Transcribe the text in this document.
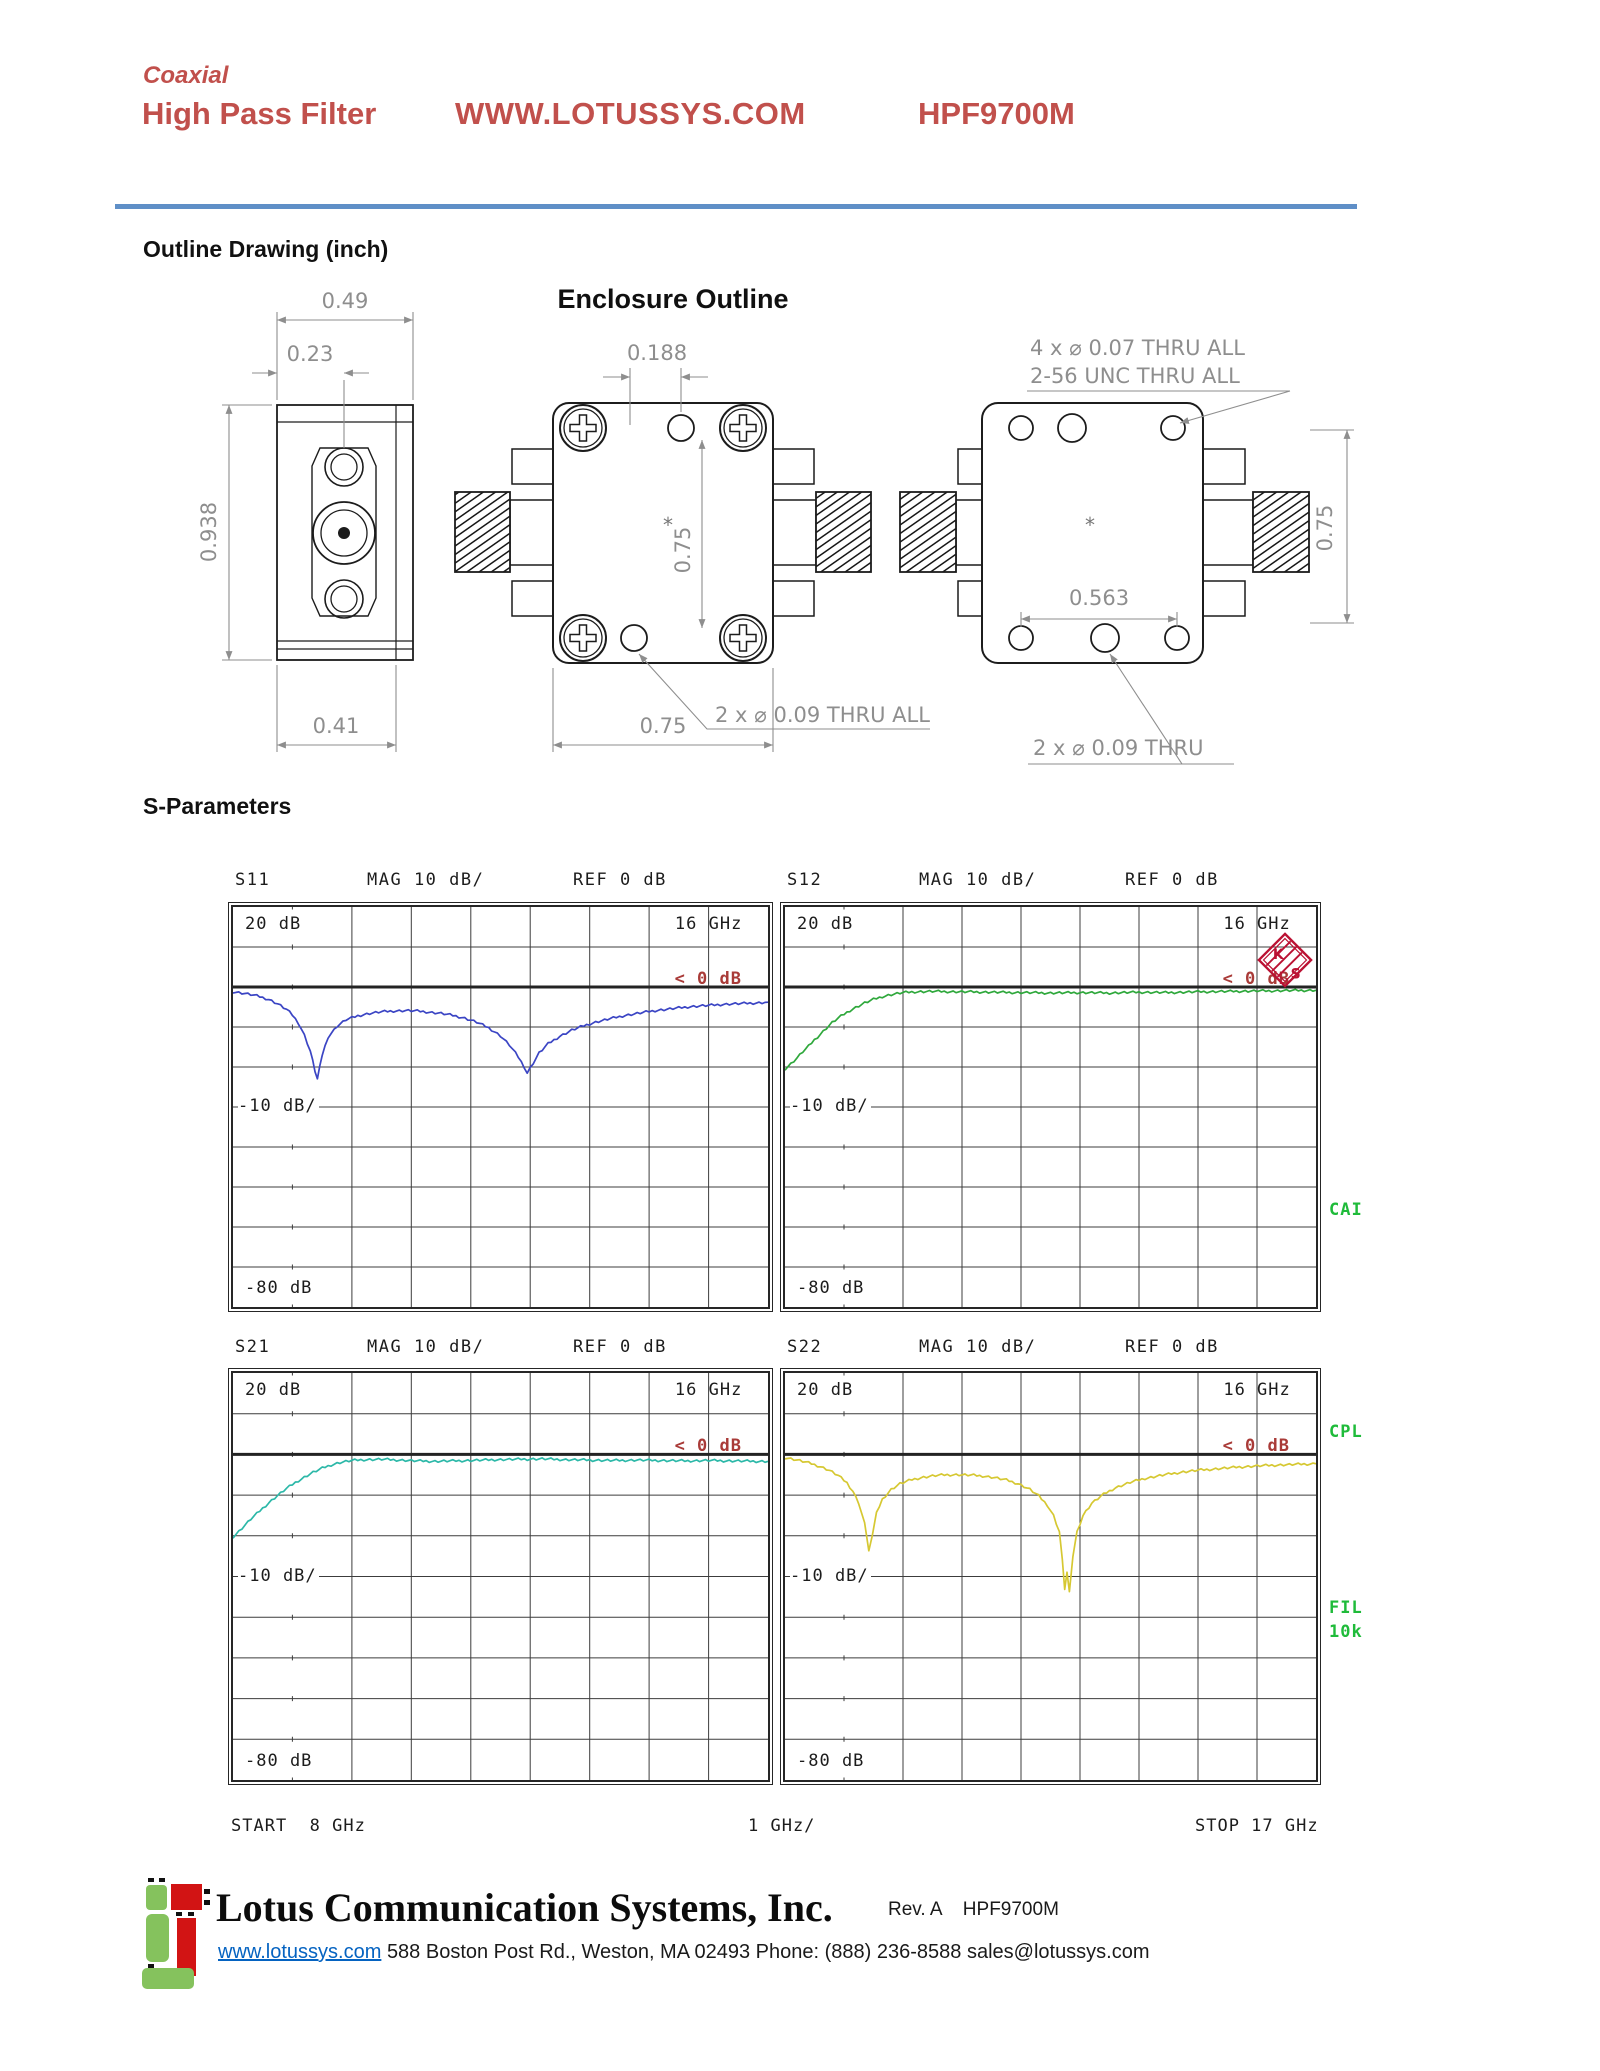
Coaxial
High Pass Filter	WWW.LOTUSSYS.COM	HPF9700M
Outline Drawing (inch)
Enclosure Outline
0.49
0.23
0.938
0.41
*
0.188
0.75
0.75 2 x ⌀ 0.09 THRU ALL
*
0.563
0.75
4 x ⌀ 0.07 THRU ALL
2-56 UNC THRU ALL
2 x ⌀ 0.09 THRU
S-Parameters
S11	MAG 10 dB/	REF 0 dB	S12	MAG 10 dB/	REF 0 dB
S21	MAG 10 dB/	REF 0 dB	S22	MAG 10 dB/	REF 0 dB
20 dB	16 GHz
< 0 dB
-10 dB/
-80 dB
20 dB	16 GHz
< 0 dB
-10 dB/
-80 dB
K
S
20 dB	16 GHz
< 0 dB
-10 dB/
-80 dB
20 dB	16 GHz
< 0 dB
-10 dB/
-80 dB
CAI
CPL
FIL
10k
START  8 GHz	1 GHz/	STOP 17 GHz
Lotus Communication Systems, Inc.	Rev. A HPF9700M
www.lotussys.com 588 Boston Post Rd., Weston, MA 02493 Phone: (888) 236-8588 sales@lotussys.com
